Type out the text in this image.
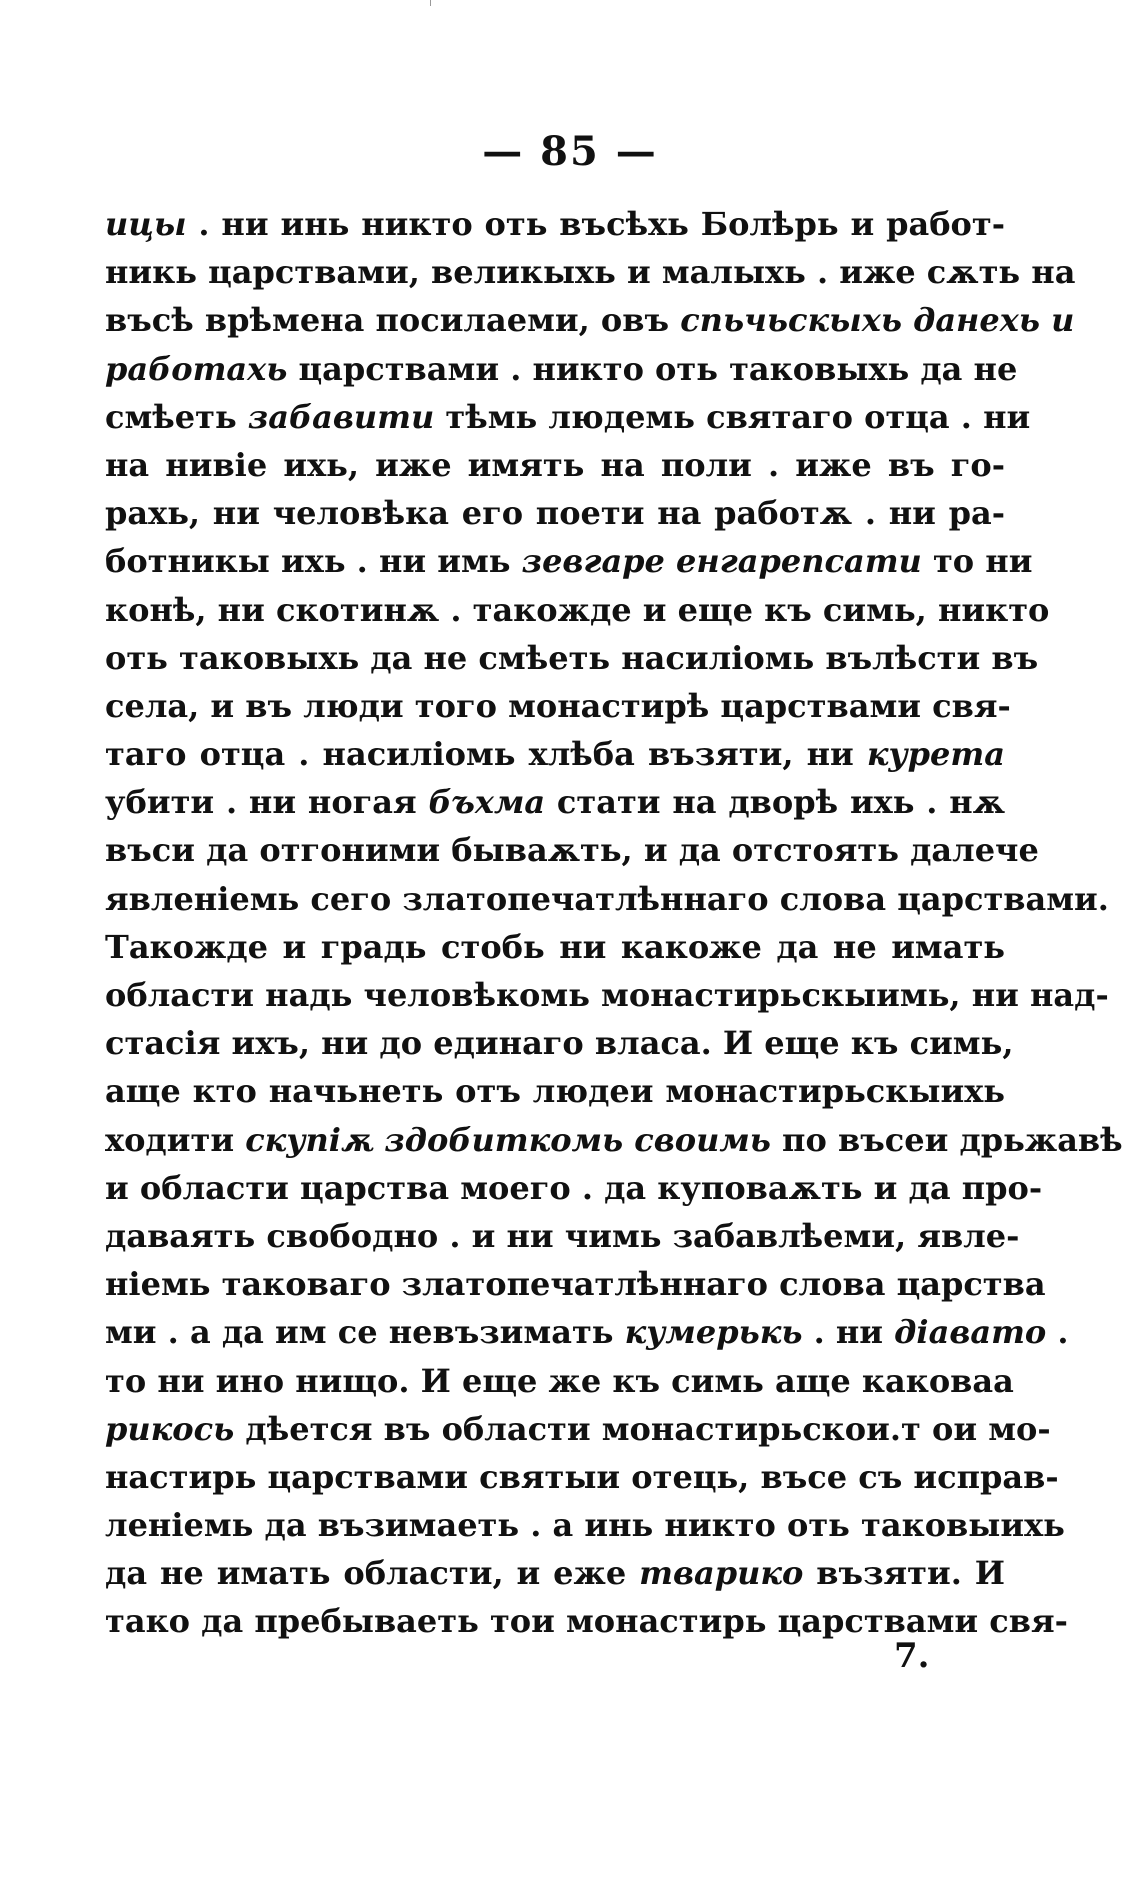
— 85 —
ицы . ни инь никто оть въсѣхь Болѣрь и работ-
никь царствами, великыхь и малыхь . иже сѫть на
въсѣ врѣмена посилаеми, овъ спьчьскыхь данехь и
работахь царствами . никто оть таковыхь да не
смѣеть забавити тѣмь людемь святаго отца . ни
на нивіе ихь, иже имять на поли . иже въ го-
рахь, ни человѣка его поети на работѫ . ни ра-
ботникы ихь . ни имь зевгаре енгарепсати то ни
конѣ, ни скотинѫ . такожде и еще къ симь, никто
оть таковыхь да не смѣеть насиліомь вълѣсти въ
села, и въ люди того монастирѣ царствами свя-
таго отца . насиліомь хлѣба възяти, ни курета
убити . ни ногая бъхма стати на дворѣ ихь . нѫ
въси да отгоними бываѫть, и да отстоять далече
явленіемь сего златопечатлѣннаго слова царствами.
Такожде и градь стобь ни какоже да не имать
области надь человѣкомь монастирьскыимь, ни над-
стасія ихъ, ни до единаго власа. И еще къ симь,
аще кто начьнеть отъ людеи монастирьскыихь
ходити скупіѫ здобиткомь своимь по въсеи дрьжавѣ
и области царства моего . да куповаѫть и да про-
даваять свободно . и ни чимь забавлѣеми, явле-
ніемь таковаго златопечатлѣннаго слова царства
ми . а да им се невъзимать кумерькь . ни діавато .
то ни ино нищо. И еще же къ симь аще каковаа
рикось дѣется въ области монастирьскои.т ои мо-
настирь царствами святыи отець, въсе съ исправ-
леніемь да възимаеть . а инь никто оть таковыихь
да не имать области, и еже тварико възяти. И
тако да пребываеть тои монастирь царствами свя-
7.
